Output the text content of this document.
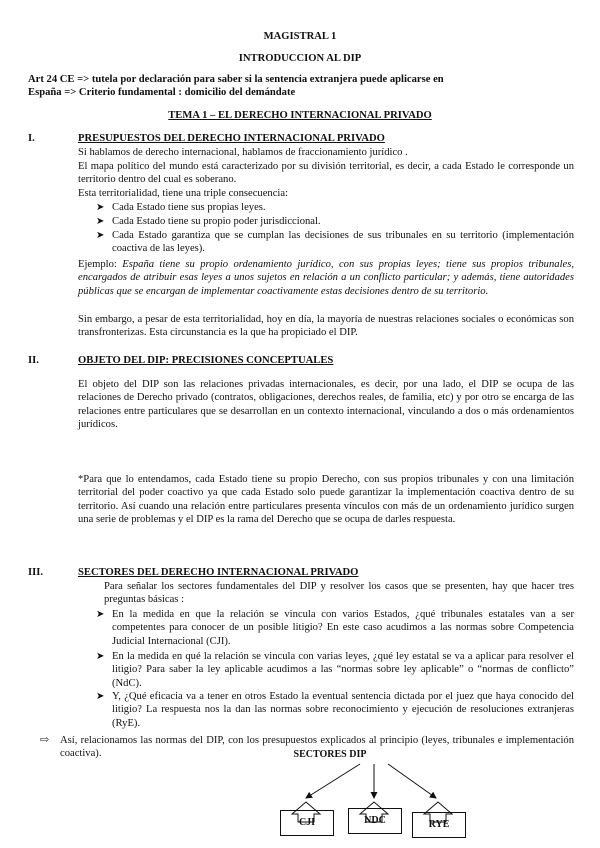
MAGISTRAL 1
INTRODUCCION AL DIP
Art 24 CE => tutela por declaración para saber si la sentencia extranjera puede aplicarse en
España => Criterio fundamental : domicilio del demándate
TEMA 1 – EL DERECHO INTERNACIONAL PRIVADO
I.	PRESUPUESTOS DEL DERECHO INTERNACIONAL PRIVADO
Si hablamos de derecho internacional, hablamos de fraccionamiento jurídico .
El mapa político del mundo está caracterizado por su división territorial, es decir, a cada Estado le corresponde un territorio dentro del cual es soberano.
Esta territorialidad, tiene una triple consecuencia:
➤ Cada Estado tiene sus propias leyes.
➤ Cada Estado tiene su propio poder jurisdiccional.
➤ Cada Estado garantiza que se cumplan las decisiones de sus tribunales en su territorio (implementación coactiva de las leyes).
Ejemplo: España tiene su propio ordenamiento jurídico, con sus propias leyes; tiene sus propios tribunales, encargados de atribuir esas leyes a unos sujetos en relación a un conflicto particular; y además, tiene autoridades públicas que se encargan de implementar coactivamente estas decisiones dentro de su territorio.
Sin embargo, a pesar de esta territorialidad, hoy en día, la mayoría de nuestras relaciones sociales o económicas son transfronterizas. Esta circunstancia es la que ha propiciado el DIP.
II.	OBJETO DEL DIP: PRECISIONES CONCEPTUALES
El objeto del DIP son las relaciones privadas internacionales, es decir, por una lado, el DIP se ocupa de las relaciones de Derecho privado (contratos, obligaciones, derechos reales, de familia, etc) y por otro se encarga de las relaciones entre particulares que se desarrollan en un contexto internacional, vinculando a dos o más ordenamientos jurídicos.
*Para que lo entendamos, cada Estado tiene su propio Derecho, con sus propios tribunales y con una limitación territorial del poder coactivo ya que cada Estado solo puede garantizar la implementación coactiva dentro de su territorio. Así cuando una relación entre particulares presenta vínculos con más de un ordenamiento jurídico surgen una serie de problemas y el DIP es la rama del Derecho que se ocupa de darles respuesta.
III.	SECTORES DEL DERECHO INTERNACIONAL PRIVADO
Para señalar los sectores fundamentales del DIP y resolver los casos que se presenten, hay que hacer tres preguntas básicas :
➤ En la medida en que la relación se vincula con varios Estados, ¿qué tribunales estatales van a ser competentes para conocer de un posible litigio? En este caso acudimos a las normas sobre Competencia Judicial Internacional (CJI).
➤ En la medida en qué la relación se vincula con varias leyes, ¿qué ley estatal se va a aplicar para resolver el litigio? Para saber la ley aplicable acudimos a las “normas sobre ley aplicable” o “normas de conflicto” (NdC).
➤ Y, ¿Qué eficacia va a tener en otros Estado la eventual sentencia dictada por el juez que haya conocido del litigio? La respuesta nos la dan las normas sobre reconocimiento y ejecución de resoluciones extranjeras (RyE).
⇨ Así, relacionamos las normas del DIP, con los presupuestos explicados al principio (leyes, tribunales e implementación coactiva).	SECTORES DIP
CJI	NDC	RYE
